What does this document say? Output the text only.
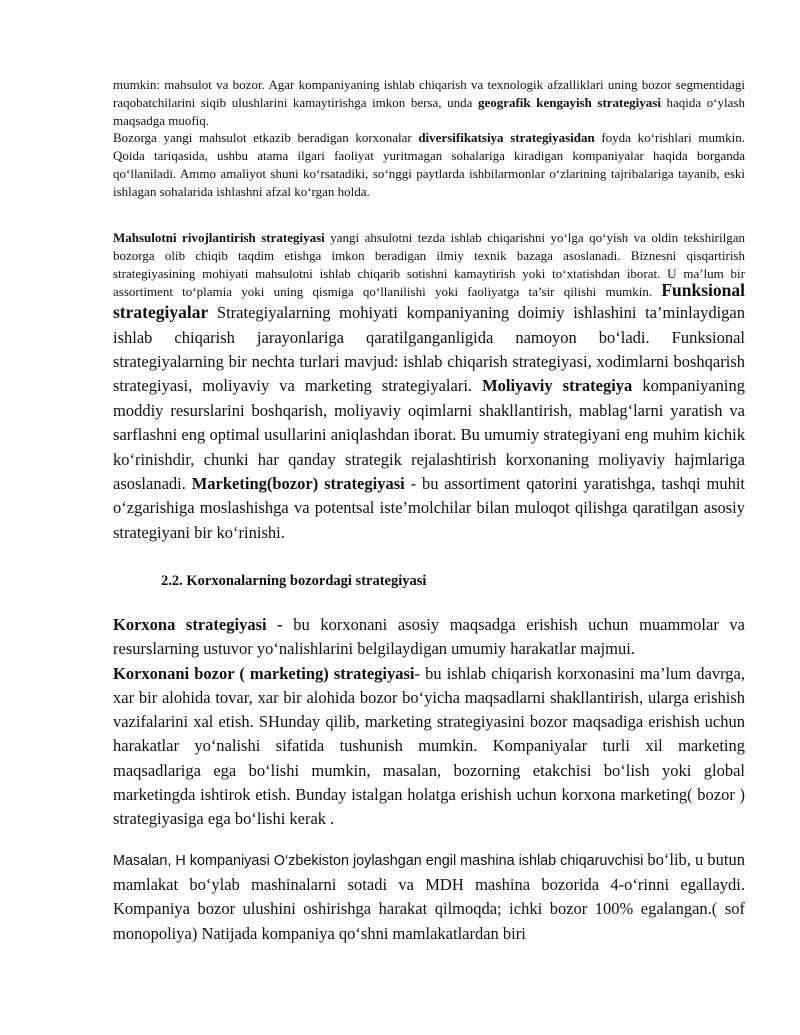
mumkin: mahsulot va bozor. Agar kompaniyaning ishlab chiqarish va texnologik afzalliklari uning bozor segmentidagi raqobatchilarini siqib ulushlarini kamaytirishga imkon bersa, unda geografik kengayish strategiyasi haqida o‘ylash maqsadga muofiq.

Bozorga yangi mahsulot etkazib beradigan korxonalar diversifikatsiya strategiyasidan foyda ko‘rishlari mumkin. Qoida tariqasida, ushbu atama ilgari faoliyat yuritmagan sohalariga kiradigan kompaniyalar haqida borganda qo‘llaniladi. Ammo amaliyot shuni ko‘rsatadiki, so‘nggi paytlarda ishbilarmonlar o‘zlarining tajribalariga tayanib, eski ishlagan sohalarida ishlashni afzal ko‘rgan holda.

Mahsulotni rivojlantirish strategiyasi yangi ahsulotni tezda ishlab chiqarishni yo‘lga qo‘yish va oldin tekshirilgan bozorga olib chiqib taqdim etishga imkon beradigan ilmiy texnik bazaga asoslanadi. Biznesni qisqartirish strategiyasining mohiyati mahsulotni ishlab chiqarib sotishni kamaytirish yoki to‘xtatishdan iborat. U ma’lum bir assortiment to‘plamia yoki uning qismiga qo‘llanilishi yoki faoliyatga ta’sir qilishi mumkin. Funksional strategiyalar Strategiyalarning mohiyati kompaniyaning doimiy ishlashini ta’minlaydigan ishlab chiqarish jarayonlariga qaratilganganligida namoyon bo‘ladi. Funksional strategiyalarning bir nechta turlari mavjud: ishlab chiqarish strategiyasi, xodimlarni boshqarish strategiyasi, moliyaviy va marketing strategiyalari. Moliyaviy strategiya kompaniyaning moddiy resurslarini boshqarish, moliyaviy oqimlarni shakllantirish, mablag‘larni yaratish va sarflashni eng optimal usullarini aniqlashdan iborat. Bu umumiy strategiyani eng muhim kichik ko‘rinishdir, chunki har qanday strategik rejalashtirish korxonaning moliyaviy hajmlariga asoslanadi. Marketing(bozor) strategiyasi - bu assortiment qatorini yaratishga, tashqi muhit o‘zgarishiga moslashishga va potentsal iste’molchilar bilan muloqot qilishga qaratilgan asosiy strategiyani bir ko‘rinishi.

2.2. Korxonalarning bozordagi strategiyasi

Korxona strategiyasi - bu korxonani asosiy maqsadga erishish uchun muammolar va resurslarning ustuvor yo‘nalishlarini belgilaydigan umumiy harakatlar majmui.

Korxonani bozor ( marketing) strategiyasi- bu ishlab chiqarish korxonasini ma’lum davrga, xar bir alohida tovar, xar bir alohida bozor bo‘yicha maqsadlarni shakllantirish, ularga erishish vazifalarini xal etish. SHunday qilib, marketing strategiyasini bozor maqsadiga erishish uchun harakatlar yo‘nalishi sifatida tushunish mumkin. Kompaniyalar turli xil marketing maqsadlariga ega bo‘lishi mumkin, masalan, bozorning etakchisi bo‘lish yoki global marketingda ishtirok etish. Bunday istalgan holatga erishish uchun korxona marketing( bozor ) strategiyasiga ega bo‘lishi kerak .

Masalan, H kompaniyasi O‘zbekiston joylashgan engil mashina ishlab chiqaruvchisi bo‘lib, u butun mamlakat bo‘ylab mashinalarni sotadi va MDH mashina bozorida 4-o‘rinni egallaydi. Kompaniya bozor ulushini oshirishga harakat qilmoqda; ichki bozor 100% egalangan.( sof monopoliya) Natijada kompaniya qo‘shni mamlakatlardan biri
